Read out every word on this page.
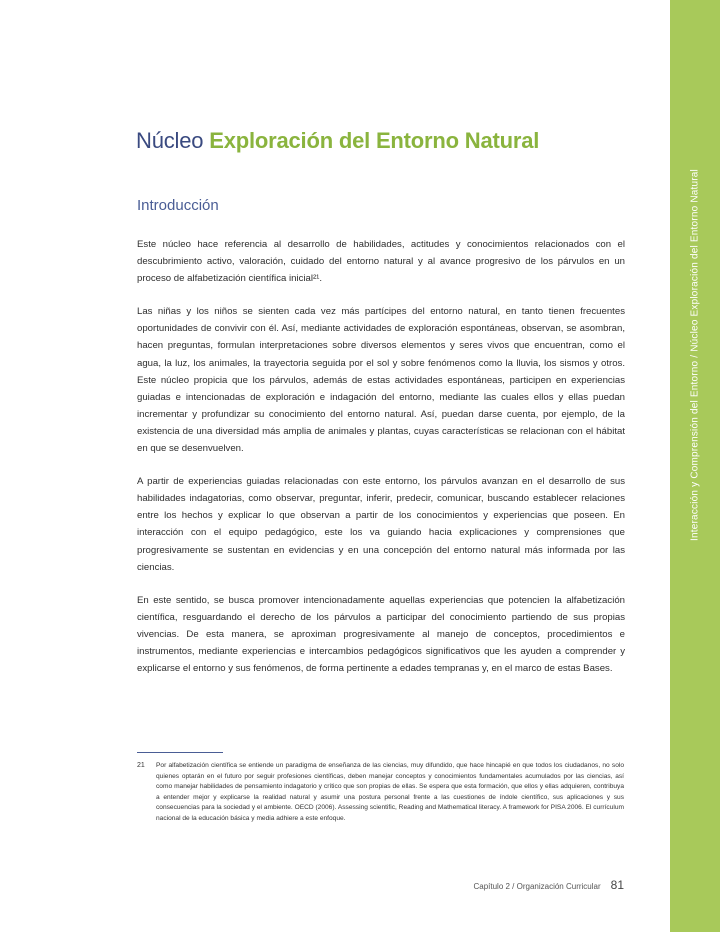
Interacción y Comprensión del Entorno / Núcleo Exploración del Entorno Natural
Núcleo Exploración del Entorno Natural
Introducción

Este núcleo hace referencia al desarrollo de habilidades, actitudes y conocimientos relacionados con el descubrimiento activo, valoración, cuidado del entorno natural y al avance progresivo de los párvulos en un proceso de alfabetización científica inicial²¹.

Las niñas y los niños se sienten cada vez más partícipes del entorno natural, en tanto tienen frecuentes oportunidades de convivir con él. Así, mediante actividades de exploración espontáneas, observan, se asombran, hacen preguntas, formulan interpretaciones sobre diversos elementos y seres vivos que encuentran, como el agua, la luz, los animales, la trayectoria seguida por el sol y sobre fenómenos como la lluvia, los sismos y otros. Este núcleo propicia que los párvulos, además de estas actividades espontáneas, participen en experiencias guiadas e intencionadas de exploración e indagación del entorno, mediante las cuales ellos y ellas puedan incrementar y profundizar su conocimiento del entorno natural. Así, puedan darse cuenta, por ejemplo, de la existencia de una diversidad más amplia de animales y plantas, cuyas características se relacionan con el hábitat en que se desenvuelven.

A partir de experiencias guiadas relacionadas con este entorno, los párvulos avanzan en el desarrollo de sus habilidades indagatorias, como observar, preguntar, inferir, predecir, comunicar, buscando establecer relaciones entre los hechos y explicar lo que observan a partir de los conocimientos y experiencias que poseen. En interacción con el equipo pedagógico, este los va guiando hacia explicaciones y comprensiones que progresivamente se sustentan en evidencias y en una concepción del entorno natural más informada por las ciencias.

En este sentido, se busca promover intencionadamente aquellas experiencias que potencien la alfabetización científica, resguardando el derecho de los párvulos a participar del conocimiento partiendo de sus propias vivencias. De esta manera, se aproximan progresivamente al manejo de conceptos, procedimientos e instrumentos, mediante experiencias e intercambios pedagógicos significativos que les ayuden a comprender y explicarse el entorno y sus fenómenos, de forma pertinente a edades tempranas y, en el marco de estas Bases.

21 Por alfabetización científica se entiende un paradigma de enseñanza de las ciencias, muy difundido, que hace hincapié en que todos los ciudadanos, no solo quienes optarán en el futuro por seguir profesiones científicas, deben manejar conceptos y conocimientos fundamentales acumulados por las ciencias, así como manejar habilidades de pensamiento indagatorio y crítico que son propias de ellas. Se espera que esta formación, que ellos y ellas adquieren, contribuya a entender mejor y explicarse la realidad natural y asumir una postura personal frente a las cuestiones de índole científico, sus aplicaciones y sus consecuencias para la sociedad y el ambiente. OECD (2006). Assessing scientific, Reading and Mathematical literacy. A framework for PISA 2006. El currículum nacional de la educación básica y media adhiere a este enfoque.
Capítulo 2 / Organización Curricular 81
